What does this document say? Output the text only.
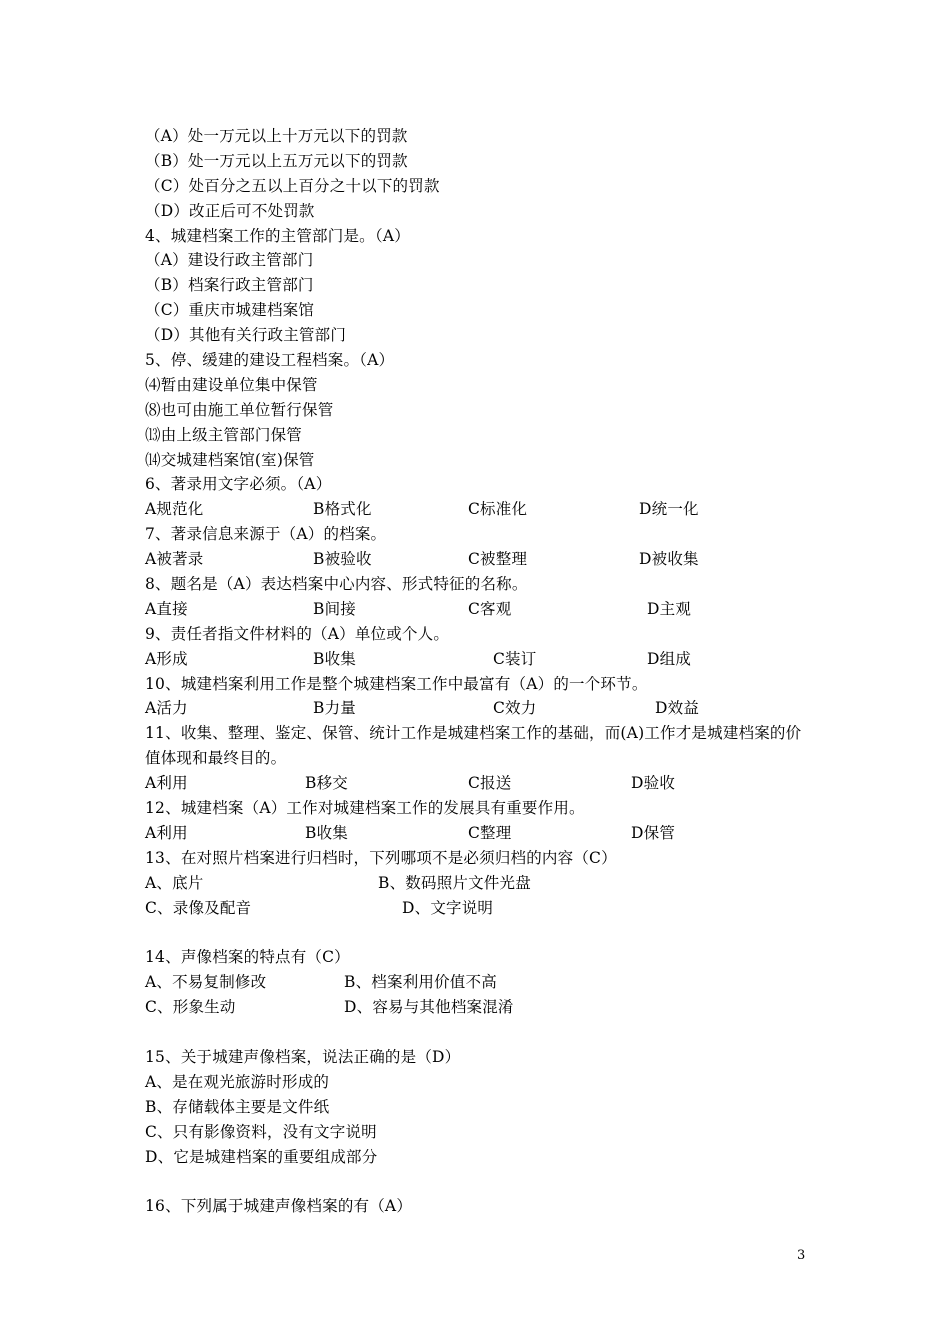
（A）处一万元以上十万元以下的罚款
（B）处一万元以上五万元以下的罚款
（C）处百分之五以上百分之十以下的罚款
（D）改正后可不处罚款
4、城建档案工作的主管部门是。（A）
（A）建设行政主管部门
（B）档案行政主管部门
（C）重庆市城建档案馆
（D）其他有关行政主管部门
5、停、缓建的建设工程档案。（A）
⑷暂由建设单位集中保管
⑻也可由施工单位暂行保管
⒀由上级主管部门保管
⒁交城建档案馆(室)保管
6、著录用文字必须。（A）
A规范化	B格式化	C标准化	D统一化
7、著录信息来源于（A）的档案。
A被著录	B被验收	C被整理	D被收集
8、题名是（A）表达档案中心内容、形式特征的名称。
A直接	B间接	C客观	D主观
9、责任者指文件材料的（A）单位或个人。
A形成	B收集	C装订	D组成
10、城建档案利用工作是整个城建档案工作中最富有（A）的一个环节。
A活力	B力量	C效力	D效益
11、收集、整理、鉴定、保管、统计工作是城建档案工作的基础，而(A)工作才是城建档案的价值体现和最终目的。
A利用	B移交	C报送	D验收
12、城建档案（A）工作对城建档案工作的发展具有重要作用。
A利用	B收集	C整理	D保管
13、在对照片档案进行归档时，下列哪项不是必须归档的内容（C）
A、底片	B、数码照片文件光盘
C、录像及配音	D、文字说明
14、声像档案的特点有（C）
A、不易复制修改	B、档案利用价值不高
C、形象生动	D、容易与其他档案混淆
15、关于城建声像档案，说法正确的是（D）
A、是在观光旅游时形成的
B、存储载体主要是文件纸
C、只有影像资料，没有文字说明
D、它是城建档案的重要组成部分
16、下列属于城建声像档案的有（A）
3
